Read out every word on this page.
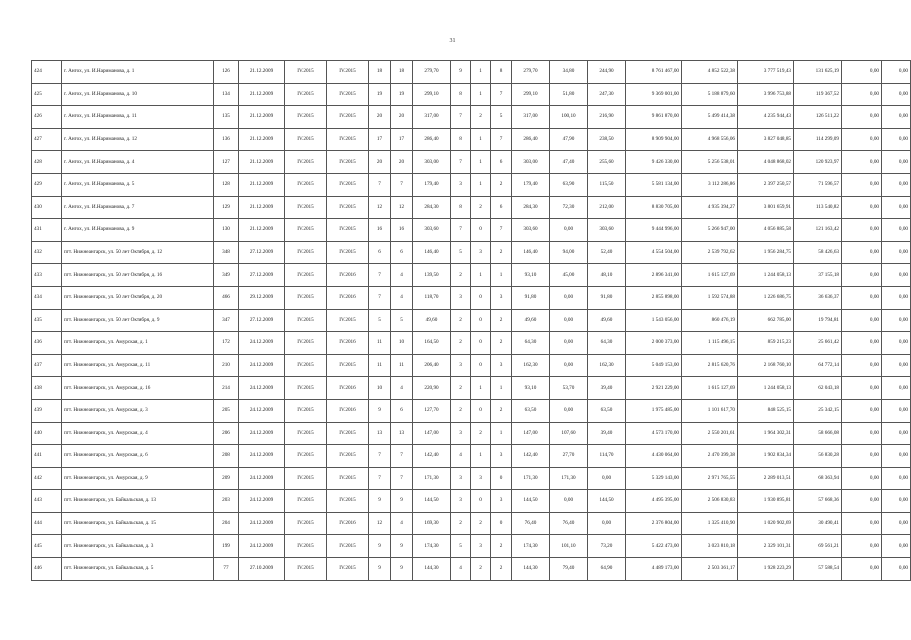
31
424	г. Ангох, ул. И.Нариманова, д. 1	126	21.12.2009	IV.2015	IV.2015	18	18	279,70	9	1	8	279,70	34,80	244,90	8 761 467,00	4 852 522,38	3 777 519,43	131 625,19	0,00	0,00
425	г. Ангох, ул. И.Нариманова, д. 10	134	21.12.2009	IV.2015	IV.2015	19	19	299,10	8	1	7	299,10	51,80	247,30	9 369 001,00	5 188 879,60	3 996 753,88	119 367,52	0,00	0,00
426	г. Ангох, ул. И.Нариманова, д. 11	135	21.12.2009	IV.2015	IV.2015	20	20	317,00	7	2	5	317,00	100,10	216,90	9 861 870,00	5 499 414,38	4 235 944,43	126 511,22	0,00	0,00
427	г. Ангох, ул. И.Нариманова, д. 12	136	21.12.2009	IV.2015	IV.2015	17	17	286,40	8	1	7	286,40	47,90	238,50	8 909 904,00	4 968 556,06	3 827 048,85	114 299,09	0,00	0,00
428	г. Ангох, ул. И.Нариманова, д. 4	127	21.12.2009	IV.2015	IV.2015	20	20	303,00	7	1	6	303,00	47,40	255,60	9 426 330,00	5 256 538,01	4 048 868,02	120 923,97	0,00	0,00
429	г. Ангох, ул. И.Нариманова, д. 5	128	21.12.2009	IV.2015	IV.2015	7	7	179,40	3	1	2	179,40	63,90	115,50	5 581 134,00	3 112 286,86	2 397 250,57	71 596,57	0,00	0,00
430	г. Ангох, ул. И.Нариманова, д. 7	129	21.12.2009	IV.2015	IV.2015	12	12	284,30	8	2	6	284,30	72,30	212,00	8 830 705,00	4 935 394,27	3 801 659,91	113 540,82	0,00	0,00
431	г. Ангох, ул. И.Нариманова, д. 9	130	21.12.2009	IV.2015	IV.2015	16	16	303,60	7	0	7	303,60	0,00	303,60	9 444 996,00	5 266 947,00	4 056 885,58	121 163,42	0,00	0,00
432	пгт. Нижнеангарск, ул. 50 лет Октября, д. 12	348	27.12.2009	IV.2015	IV.2015	6	6	146,40	5	3	2	146,40	94,00	52,40	4 554 504,00	2 539 792,62	1 956 284,75	58 426,63	0,00	0,00
433	пгт. Нижнеангарск, ул. 50 лет Октября, д. 16	349	27.12.2009	IV.2015	IV.2016	7	4	139,50	2	1	1	93,10	45,00	48,10	2 896 341,00	1 615 127,69	1 244 058,13	37 155,18	0,00	0,00
434	пгт. Нижнеангарск, ул. 50 лет Октября, д. 20	466	29.12.2009	IV.2015	IV.2016	7	4	118,70	3	0	3	91,80	0,00	91,80	2 855 898,00	1 592 574,88	1 226 686,75	36 636,37	0,00	0,00
435	пгт. Нижнеангарск, ул. 50 лет Октября, д. 9	347	27.12.2009	IV.2015	IV.2015	5	5	49,60	2	0	2	49,60	0,00	49,60	1 543 056,00	860 476,19	662 785,00	19 794,81	0,00	0,00
436	пгт. Нижнеангарск, ул. Амурская, д. 1	172	24.12.2009	IV.2015	IV.2016	11	10	164,50	2	0	2	64,30	0,00	64,30	2 000 373,00	1 115 496,15	859 215,23	25 661,42	0,00	0,00
437	пгт. Нижнеангарск, ул. Амурская, д. 11	210	24.12.2009	IV.2015	IV.2015	11	11	206,40	3	0	3	162,30	0,00	162,30	5 049 153,00	2 815 620,76	2 168 760,10	64 772,14	0,00	0,00
438	пгт. Нижнеангарск, ул. Амурская, д. 16	214	24.12.2009	IV.2015	IV.2016	10	4	220,90	2	1	1	93,10	53,70	39,40	2 921 229,00	1 615 127,69	1 244 058,13	62 043,18	0,00	0,00
439	пгт. Нижнеангарск, ул. Амурская, д. 3	205	24.12.2009	IV.2015	IV.2016	9	6	127,70	2	0	2	63,50	0,00	63,50	1 975 485,00	1 101 617,70	848 525,15	25 342,15	0,00	0,00
440	пгт. Нижнеангарск, ул. Амурская, д. 4	206	24.12.2009	IV.2015	IV.2015	13	13	147,00	3	2	1	147,00	107,60	39,40	4 573 170,00	2 550 201,61	1 964 302,31	58 666,08	0,00	0,00
441	пгт. Нижнеангарск, ул. Амурская, д. 6	208	24.12.2009	IV.2015	IV.2015	7	7	142,40	4	1	3	142,40	27,70	114,70	4 430 064,00	2 470 399,38	1 902 834,34	56 830,28	0,00	0,00
442	пгт. Нижнеангарск, ул. Амурская, д. 9	209	24.12.2009	IV.2015	IV.2015	7	7	171,30	3	3	0	171,30	171,30	0,00	5 329 143,00	2 971 765,55	2 289 013,51	68 363,94	0,00	0,00
443	пгт. Нижнеангарск, ул. Байкальская, д. 13	203	24.12.2009	IV.2015	IV.2015	9	9	144,50	3	0	3	144,50	0,00	144,50	4 495 395,00	2 506 830,83	1 930 895,81	57 668,36	0,00	0,00
444	пгт. Нижнеангарск, ул. Байкальская, д. 15	204	24.12.2009	IV.2015	IV.2016	12	4	169,30	2	2	0	76,40	76,40	0,00	2 376 804,00	1 325 410,90	1 020 902,69	30 490,41	0,00	0,00
445	пгт. Нижнеангарск, ул. Байкальская, д. 3	199	24.12.2009	IV.2015	IV.2015	9	9	174,30	5	3	2	174,30	101,10	73,20	5 422 473,00	3 023 810,18	2 329 101,31	69 561,21	0,00	0,00
446	пгт. Нижнеангарск, ул. Байкальская, д. 5	77	27.10.2009	IV.2015	IV.2015	9	9	144,30	4	2	2	144,30	79,40	64,90	4 489 173,00	2 503 361,17	1 928 223,29	57 588,54	0,00	0,00
